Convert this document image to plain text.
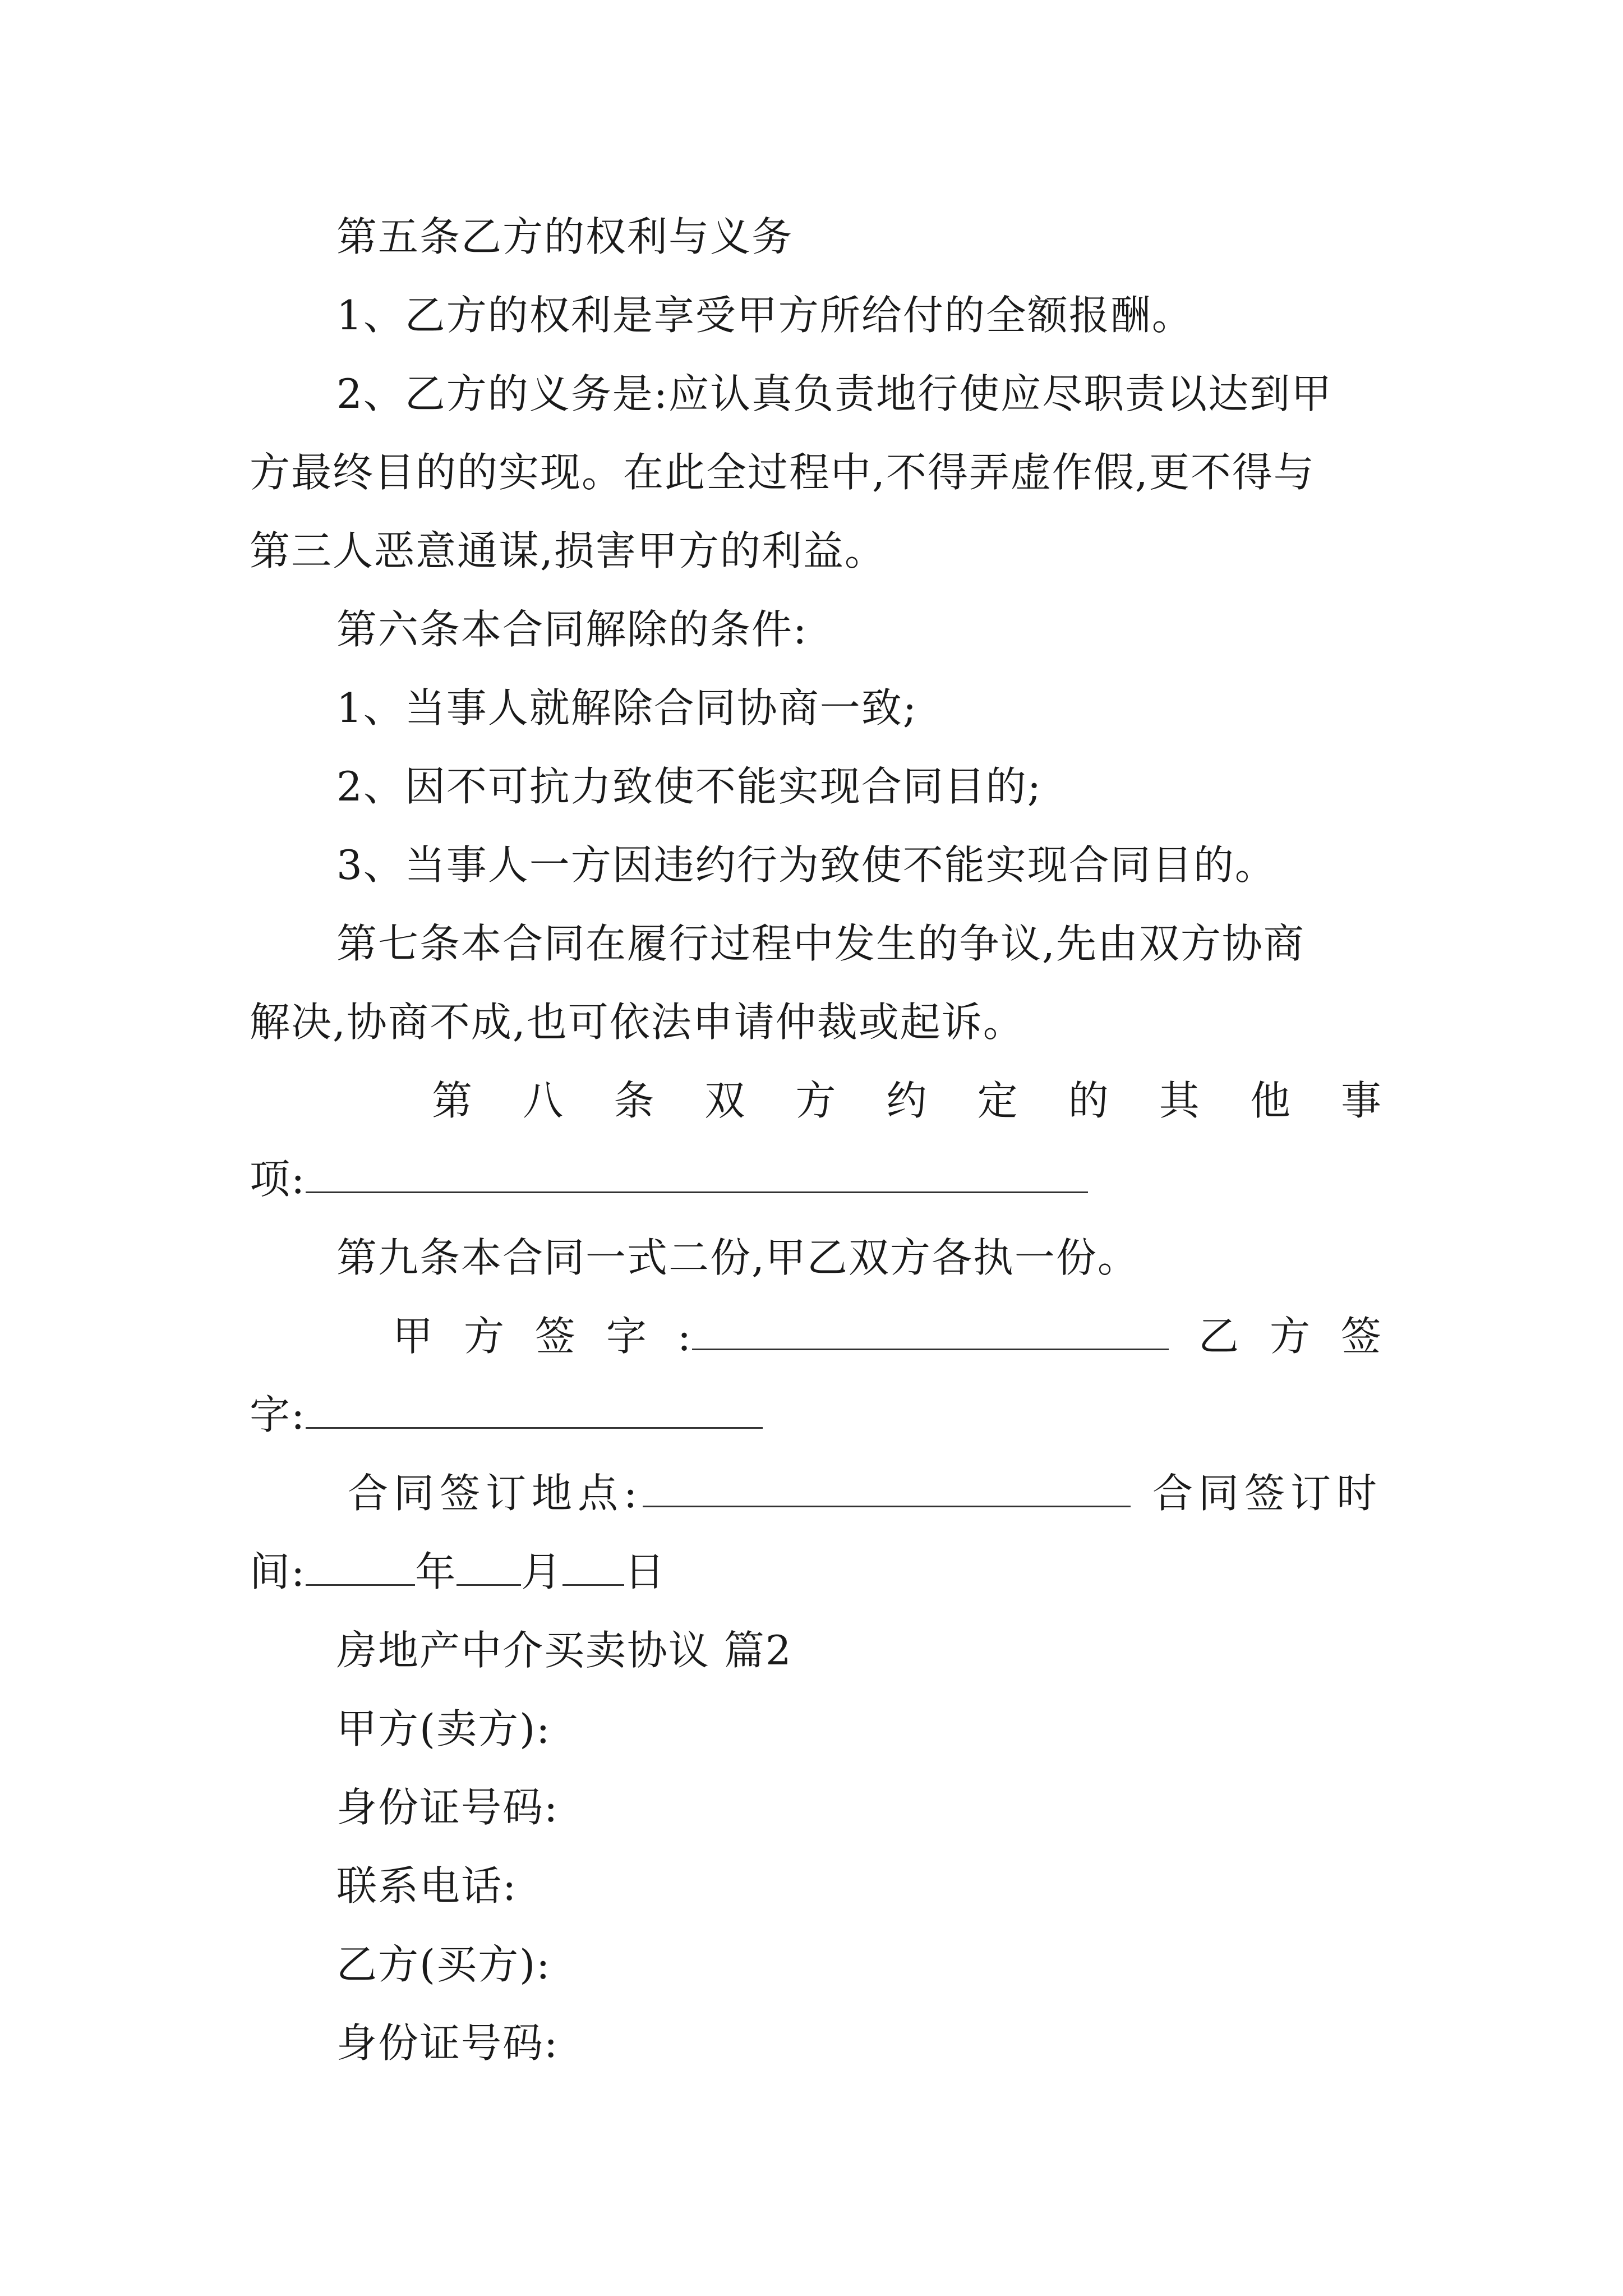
第五条乙方的权利与义务
1、乙方的权利是享受甲方所给付的全额报酬。
2、乙方的义务是:应认真负责地行使应尽职责以达到甲
方最终目的的实现。在此全过程中,不得弄虚作假,更不得与
第三人恶意通谋,损害甲方的利益。
第六条本合同解除的条件:
1、当事人就解除合同协商一致;
2、因不可抗力致使不能实现合同目的;
3、当事人一方因违约行为致使不能实现合同目的。
第七条本合同在履行过程中发生的争议,先由双方协商
解决,协商不成,也可依法申请仲裁或起诉。
第 八 条 双 方 约 定 的 其 他 事
项:
第九条本合同一式二份,甲乙双方各执一份。
甲 方 签 字 :	乙 方 签
字:
合同签订地点:	合同签订时
间:	年 月 日
房地产中介买卖协议 篇2
甲方(卖方):
身份证号码:
联系电话:
乙方(买方):
身份证号码:
